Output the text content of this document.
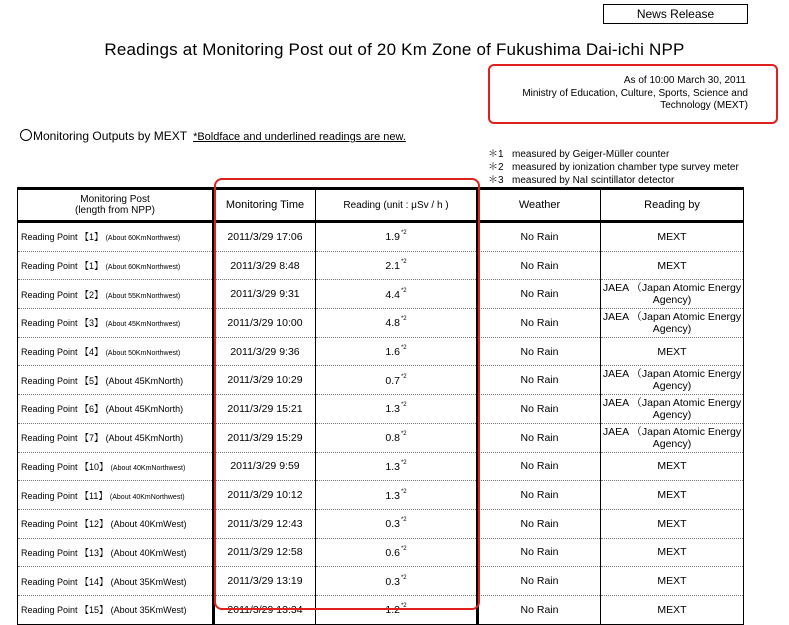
News Release
Readings at Monitoring Post out of 20 Km Zone of Fukushima Dai-ichi NPP
As of 10:00 March 30, 2011
Ministry of Education, Culture, Sports, Science and Technology (MEXT)
Monitoring Outputs by MEXT *Boldface and underlined readings are new.
＊1 measured by Geiger-Müller counter
＊2 measured by ionization chamber type survey meter
＊3 measured by NaI scintillator detector
Monitoring Post
(length from NPP)	Monitoring Time	Reading (unit : μSv / h )	Weather	Reading by
Reading Point 【1】 (About 60KmNorthwest)	2011/3/29 17:06	1.9$^{*2}$	No Rain	MEXT
Reading Point 【1】 (About 60KmNorthwest)	2011/3/29 8:48	2.1$^{*2}$	No Rain	MEXT
Reading Point 【2】 (About 55KmNorthwest)	2011/3/29 9:31	4.4$^{*2}$	No Rain	JAEA （Japan Atomic Energy Agency)
Reading Point 【3】 (About 45KmNorthwest)	2011/3/29 10:00	4.8$^{*2}$	No Rain	JAEA （Japan Atomic Energy Agency)
Reading Point 【4】 (About 50KmNorthwest)	2011/3/29 9:36	1.6$^{*2}$	No Rain	MEXT
Reading Point 【5】 (About 45KmNorth)	2011/3/29 10:29	0.7$^{*2}$	No Rain	JAEA （Japan Atomic Energy Agency)
Reading Point 【6】 (About 45KmNorth)	2011/3/29 15:21	1.3$^{*2}$	No Rain	JAEA （Japan Atomic Energy Agency)
Reading Point 【7】 (About 45KmNorth)	2011/3/29 15:29	0.8$^{*2}$	No Rain	JAEA （Japan Atomic Energy Agency)
Reading Point 【10】 (About 40KmNorthwest)	2011/3/29 9:59	1.3$^{*2}$	No Rain	MEXT
Reading Point 【11】 (About 40KmNorthwest)	2011/3/29 10:12	1.3$^{*2}$	No Rain	MEXT
Reading Point 【12】 (About 40KmWest)	2011/3/29 12:43	0.3$^{*2}$	No Rain	MEXT
Reading Point 【13】 (About 40KmWest)	2011/3/29 12:58	0.6$^{*2}$	No Rain	MEXT
Reading Point 【14】 (About 35KmWest)	2011/3/29 13:19	0.3$^{*2}$	No Rain	MEXT
Reading Point 【15】 (About 35KmWest)	2011/3/29 13:34	1.2$^{*2}$	No Rain	MEXT
